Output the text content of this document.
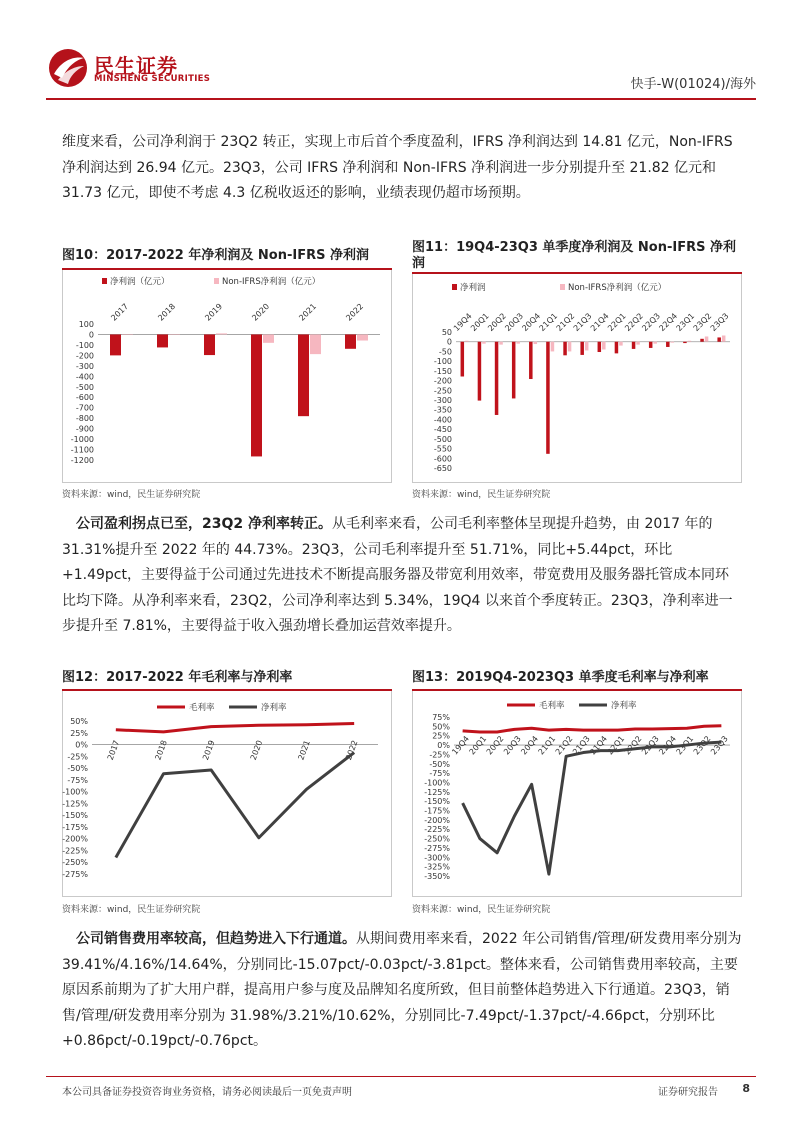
民生证券
MINSHENG SECURITIES	快手-W(01024)/海外
维度来看，公司净利润于 23Q2 转正，实现上市后首个季度盈利，IFRS 净利润达到 14.81 亿元，Non-IFRS 净利润达到 26.94 亿元。23Q3，公司 IFRS 净利润和 Non-IFRS 净利润进一步分别提升至 21.82 亿元和 31.73 亿元，即使不考虑 4.3 亿税收返还的影响，业绩表现仍超市场预期。
图10：2017-2022 年净利润及 Non-IFRS 净利润
净利润（亿元）	Non-IFRS净利润（亿元）
100
0
-100
-200
-300
-400
-500
-600
-700
-800
-900
-1000
-1100
-1200
2017	2018	2019	2020	2021	2022
资料来源：wind，民生证券研究院
图11：19Q4-23Q3 单季度净利润及 Non-IFRS 净利润
净利润	Non-IFRS净利润（亿元）
50
0
-50
-100
-150
-200
-250
-300
-350
-400
-450
-500
-550
-600
-650
19Q4
20Q1
20Q2
20Q3
20Q4
21Q1
21Q2
21Q3
21Q4
22Q1
22Q2
22Q3
22Q4
23Q1
23Q2
23Q3
资料来源：wind，民生证券研究院
公司盈利拐点已至，23Q2 净利率转正。从毛利率来看，公司毛利率整体呈现提升趋势，由 2017 年的 31.31%提升至 2022 年的 44.73%。23Q3，公司毛利率提升至 51.71%，同比+5.44pct，环比+1.49pct，主要得益于公司通过先进技术不断提高服务器及带宽利用效率，带宽费用及服务器托管成本同环比均下降。从净利率来看，23Q2，公司净利率达到 5.34%，19Q4 以来首个季度转正。23Q3，净利率进一步提升至 7.81%，主要得益于收入强劲增长叠加运营效率提升。
图12：2017-2022 年毛利率与净利率
毛利率	净利率
50%
25%
0%
-25%
-50%
-75%
-100%
-125%
-150%
-175%
-200%
-225%
-250%
-275%
2017	2018	2019	2020	2021	2022
资料来源：wind，民生证券研究院
图13：2019Q4-2023Q3 单季度毛利率与净利率
毛利率	净利率
75%
50%
25%
0%
-25%
-50%
-75%
-100%
-125%
-150%
-175%
-200%
-225%
-250%
-275%
-300%
-325%
-350%
19Q4
20Q1
20Q2
20Q3
20Q4
21Q1
21Q2
21Q3
21Q4
22Q1
22Q2
22Q3
22Q4
23Q1
23Q2
23Q3
资料来源：wind，民生证券研究院
公司销售费用率较高，但趋势进入下行通道。从期间费用率来看，2022 年公司销售/管理/研发费用率分别为 39.41%/4.16%/14.64%，分别同比-15.07pct/-0.03pct/-3.81pct。整体来看，公司销售费用率较高，主要原因系前期为了扩大用户群，提高用户参与度及品牌知名度所致，但目前整体趋势进入下行通道。23Q3，销售/管理/研发费用率分别为 31.98%/3.21%/10.62%，分别同比-7.49pct/-1.37pct/-4.66pct，分别环比+0.86pct/-0.19pct/-0.76pct。
本公司具备证券投资咨询业务资格，请务必阅读最后一页免责声明	证券研究报告 8
